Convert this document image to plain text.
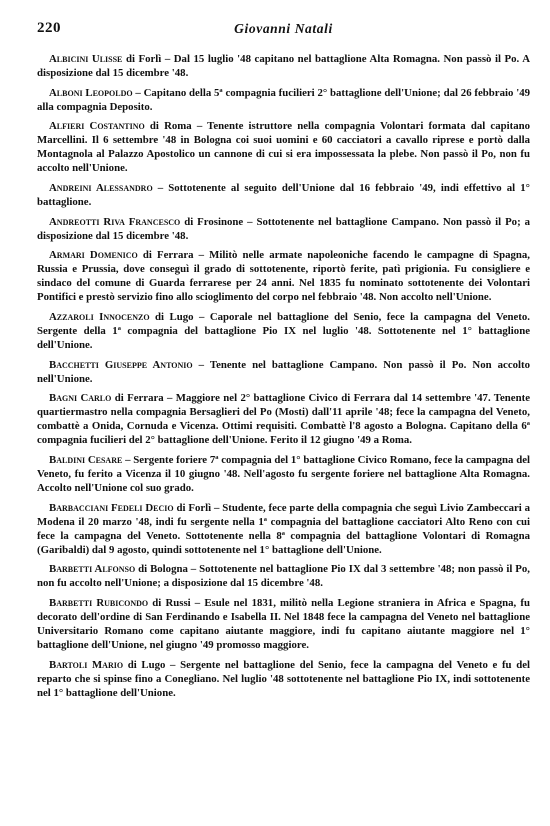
220	Giovanni Natali

Albicini Ulisse di Forlì – Dal 15 luglio '48 capitano nel battaglione Alta Romagna. Non passò il Po. A disposizione dal 15 dicembre '48.

Alboni Leopoldo – Capitano della 5ª compagnia fucilieri 2° battaglione dell'Unione; dal 26 febbraio '49 alla compagnia Deposito.

Alfieri Costantino di Roma – Tenente istruttore nella compagnia Volontari formata dal capitano Marcellini. Il 6 settembre '48 in Bologna coi suoi uomini e 60 cacciatori a cavallo riprese e portò dalla Montagnola al Palazzo Apostolico un cannone di cui si era impossessata la plebe. Non passò il Po, non fu accolto nell'Unione.

Andreini Alessandro – Sottotenente al seguito dell'Unione dal 16 febbraio '49, indi effettivo al 1° battaglione.

Andreotti Riva Francesco di Frosinone – Sottotenente nel battaglione Campano. Non passò il Po; a disposizione dal 15 dicembre '48.

Armari Domenico di Ferrara – Militò nelle armate napoleoniche facendo le campagne di Spagna, Russia e Prussia, dove conseguì il grado di sottotenente, riportò ferite, patì prigionia. Fu consigliere e sindaco del comune di Guarda ferrarese per 24 anni. Nel 1835 fu nominato sottotenente dei Volontari Pontifici e prestò servizio fino allo scioglimento del corpo nel febbraio '48. Non accolto nell'Unione.

Azzaroli Innocenzo di Lugo – Caporale nel battaglione del Senio, fece la campagna del Veneto. Sergente della 1ª compagnia del battaglione Pio IX nel luglio '48. Sottotenente nel 1° battaglione dell'Unione.

Bacchetti Giuseppe Antonio – Tenente nel battaglione Campano. Non passò il Po. Non accolto nell'Unione.

Bagni Carlo di Ferrara – Maggiore nel 2° battaglione Civico di Ferrara dal 14 settembre '47. Tenente quartiermastro nella compagnia Bersaglieri del Po (Mosti) dall'11 aprile '48; fece la campagna del Veneto, combattè a Onida, Cornuda e Vicenza. Ottimi requisiti. Combattè l'8 agosto a Bologna. Capitano della 6ª compagnia fucilieri del 2° battaglione dell'Unione. Ferito il 12 giugno '49 a Roma.

Baldini Cesare – Sergente foriere 7ª compagnia del 1° battaglione Civico Romano, fece la campagna del Veneto, fu ferito a Vicenza il 10 giugno '48. Nell'agosto fu sergente foriere nel battaglione Alta Romagna. Accolto nell'Unione col suo grado.

Barbacciani Fedeli Decio di Forlì – Studente, fece parte della compagnia che seguì Livio Zambeccari a Modena il 20 marzo '48, indi fu sergente nella 1ª compagnia del battaglione cacciatori Alto Reno con cui fece la campagna del Veneto. Sottotenente nella 8ª compagnia del battaglione Volontari di Romagna (Garibaldi) dal 9 agosto, quindi sottotenente nel 1° battaglione dell'Unione.

Barbetti Alfonso di Bologna – Sottotenente nel battaglione Pio IX dal 3 settembre '48; non passò il Po, non fu accolto nell'Unione; a disposizione dal 15 dicembre '48.

Barbetti Rubicondo di Russi – Esule nel 1831, militò nella Legione straniera in Africa e Spagna, fu decorato dell'ordine di San Ferdinando e Isabella II. Nel 1848 fece la campagna del Veneto nel battaglione Universitario Romano come capitano aiutante maggiore, indi fu capitano aiutante maggiore nel 1° battaglione dell'Unione, nel giugno '49 promosso maggiore.

Bartoli Mario di Lugo – Sergente nel battaglione del Senio, fece la campagna del Veneto e fu del reparto che si spinse fino a Conegliano. Nel luglio '48 sottotenente nel battaglione Pio IX, indi sottotenente nel 1° battaglione dell'Unione.
